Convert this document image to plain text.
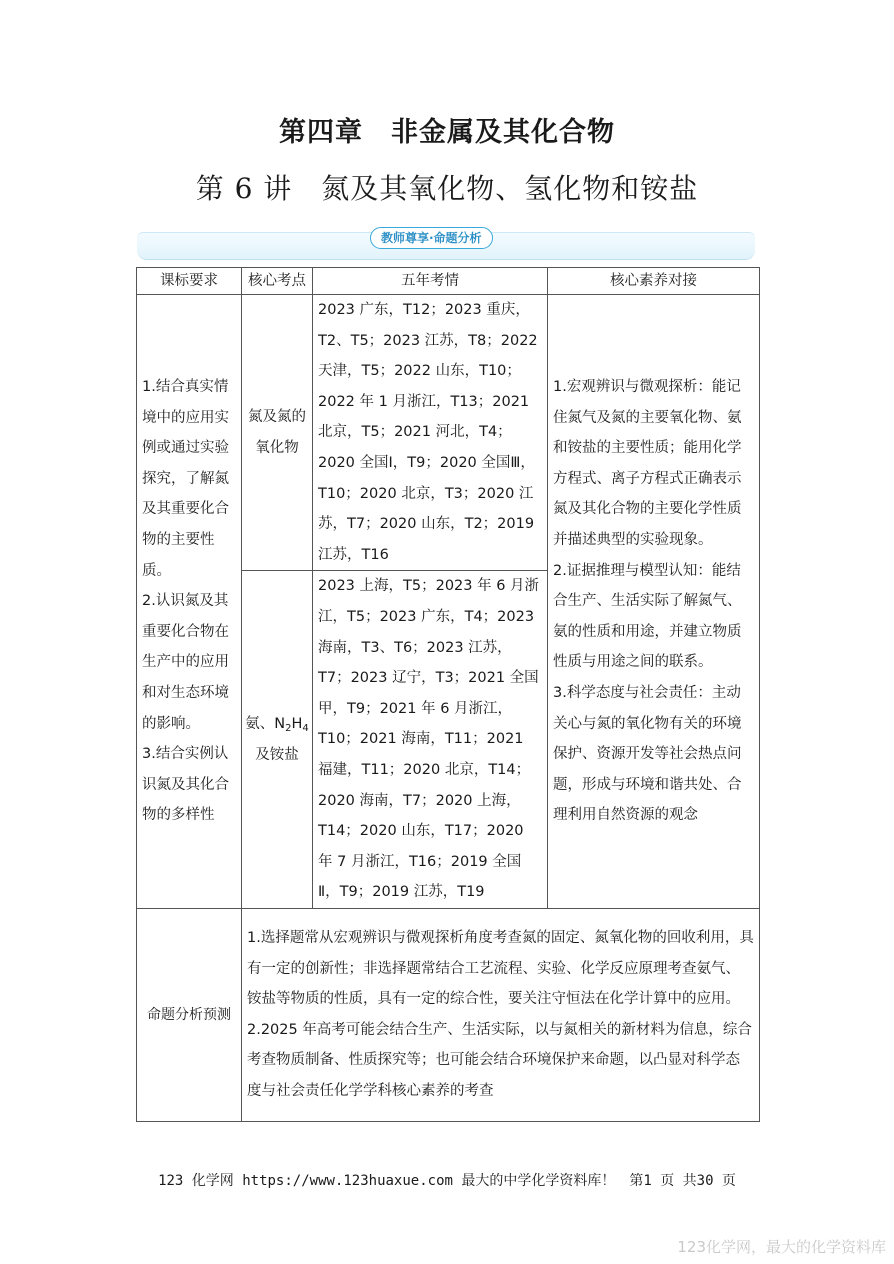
第四章　非金属及其化合物
第 6 讲　氮及其氧化物、氢化物和铵盐
教师尊享·命题分析
课标要求	核心考点	五年考情	核心素养对接

1.结合真实情境中的应用实例或通过实验探究，了解氮及其重要化合物的主要性质。
2.认识氮及其重要化合物在生产中的应用和对生态环境的影响。
3.结合实例认识氮及其化合物的多样性	氮及氮的氧化物	2023 广东，T12；2023 重庆，T2、T5；2023 江苏，T8；2022 天津，T5；2022 山东，T10；2022 年 1 月浙江，T13；2021 北京，T5；2021 河北，T4；2020 全国Ⅰ，T9；2020 全国Ⅲ，T10；2020 北京，T3；2020 江苏，T7；2020 山东，T2；2019 江苏，T16	1.宏观辨识与微观探析：能记住氮气及氮的主要氧化物、氨和铵盐的主要性质；能用化学方程式、离子方程式正确表示氮及其化合物的主要化学性质并描述典型的实验现象。
2.证据推理与模型认知：能结合生产、生活实际了解氮气、氨的性质和用途，并建立物质性质与用途之间的联系。
3.科学态度与社会责任：主动关心与氮的氧化物有关的环境保护、资源开发等社会热点问题，形成与环境和谐共处、合理利用自然资源的观念

	氨、$N_2H_4$
及铵盐	2023 上海，T5；2023 年 6 月浙江，T5；2023 广东，T4；2023 海南，T3、T6；2023 江苏，T7；2023 辽宁，T3；2021 全国甲，T9；2021 年 6 月浙江，T10；2021 海南，T11；2021 福建，T11；2020 北京，T14；2020 海南，T7；2020 上海，T14；2020 山东，T17；2020 年 7 月浙江，T16；2019 全国Ⅱ，T9；2019 江苏，T19	
命题分析预测	1.选择题常从宏观辨识与微观探析角度考查氮的固定、氮氧化物的回收利用，具有一定的创新性；非选择题常结合工艺流程、实验、化学反应原理考查氨气、铵盐等物质的性质，具有一定的综合性，要关注守恒法在化学计算中的应用。
2.2025 年高考可能会结合生产、生活实际，以与氮相关的新材料为信息，综合考查物质制备、性质探究等；也可能会结合环境保护来命题，以凸显对科学态度与社会责任化学学科核心素养的考查		
123 化学网 https://www.123huaxue.com 最大的中学化学资料库！　第1 页 共30 页
123化学网，最大的化学资料库
